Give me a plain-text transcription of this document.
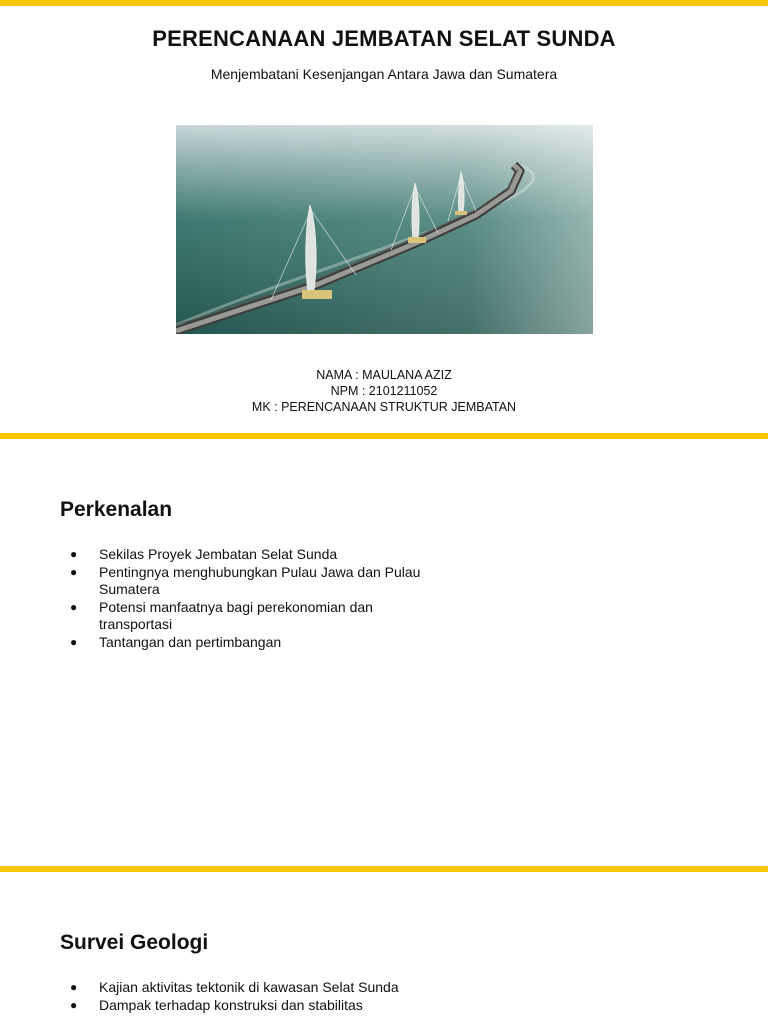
PERENCANAAN JEMBATAN SELAT SUNDA
Menjembatani Kesenjangan Antara Jawa dan Sumatera
NAMA : MAULANA AZIZ
NPM : 2101211052
MK : PERENCANAAN STRUKTUR JEMBATAN
Perkenalan
● Sekilas Proyek Jembatan Selat Sunda
● Pentingnya menghubungkan Pulau Jawa dan Pulau Sumatera
● Potensi manfaatnya bagi perekonomian dan transportasi
● Tantangan dan pertimbangan
Survei Geologi
● Kajian aktivitas tektonik di kawasan Selat Sunda
● Dampak terhadap konstruksi dan stabilitas
